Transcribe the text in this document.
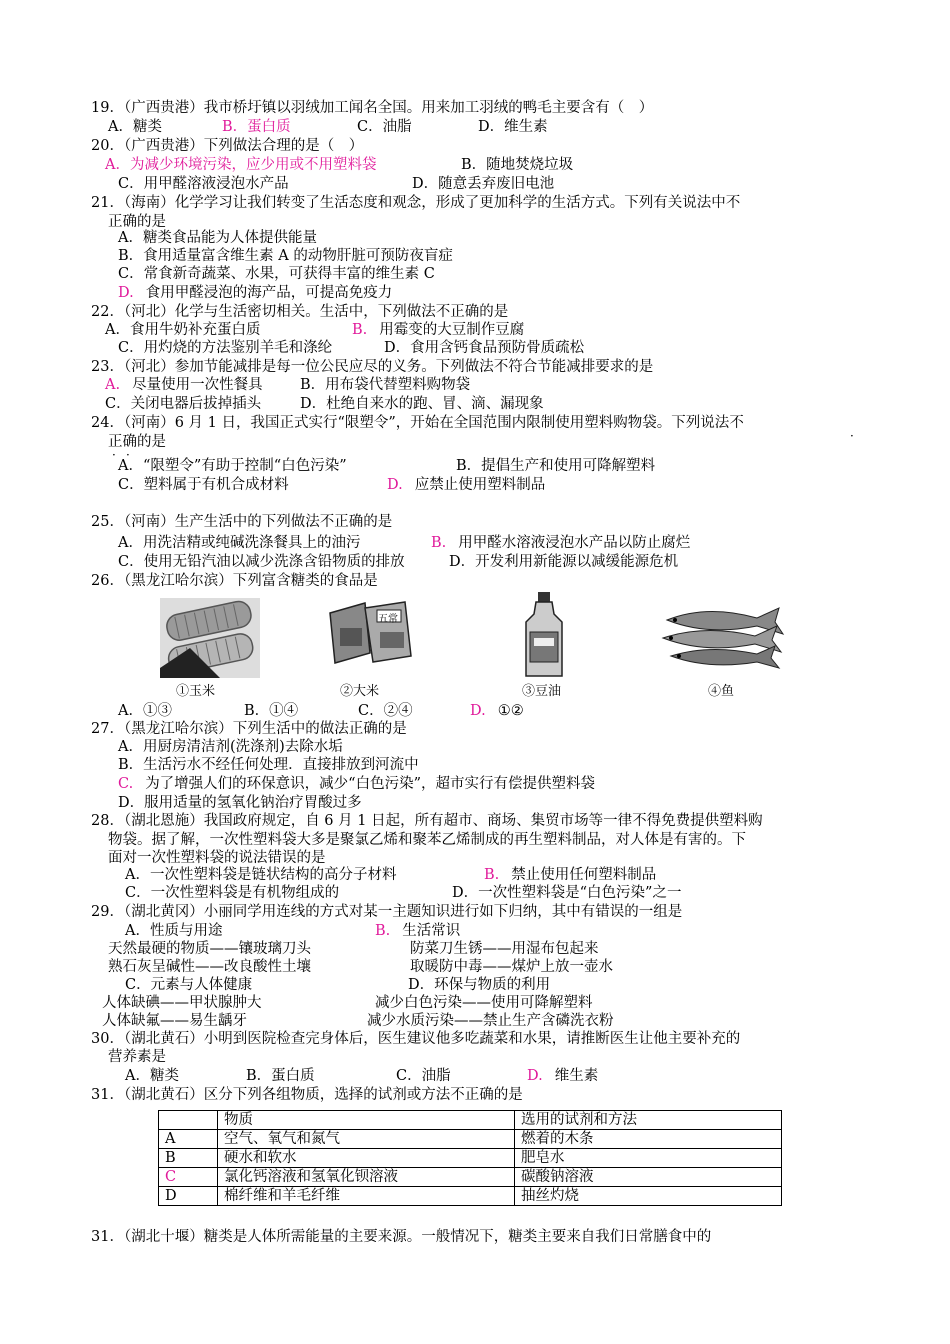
19．（广西贵港）我市桥圩镇以羽绒加工闻名全国。用来加工羽绒的鸭毛主要含有（　）
A．糖类	B．蛋白质	C．油脂	D．维生素
20．（广西贵港）下列做法合理的是（　）
A．为减少环境污染，应少用或不用塑料袋	B．随地焚烧垃圾
C．用甲醛溶液浸泡水产品	D．随意丢弃废旧电池
21．（海南）化学学习让我们转变了生活态度和观念，形成了更加科学的生活方式。下列有关说法中不
正确的是
A．糖类食品能为人体提供能量
B．食用适量富含维生素 A 的动物肝脏可预防夜盲症
C．常食新奇蔬菜、水果，可获得丰富的维生素 C
D. 食用甲醛浸泡的海产品，可提高免疫力
22．（河北）化学与生活密切相关。生活中，下列做法不正确的是
A．食用牛奶补充蛋白质	B. 用霉变的大豆制作豆腐
C．用灼烧的方法鉴别羊毛和涤纶	D．食用含钙食品预防骨质疏松
23．（河北）参加节能减排是每一位公民应尽的义务。下列做法不符合节能减排要求的是
A. 尽量使用一次性餐具	B．用布袋代替塑料购物袋
C．关闭电器后拔掉插头	D．杜绝自来水的跑、冒、滴、漏现象
24．（河南）6 月 1 日，我国正式实行“限塑令”，开始在全国范围内限制使用塑料购物袋。下列说法不
·
正确的是
· ·
A．“限塑令”有助于控制“白色污染”	B．提倡生产和使用可降解塑料
C．塑料属于有机合成材料	D. 应禁止使用塑料制品
25．（河南）生产生活中的下列做法不正确的是
A．用洗洁精或纯碱洗涤餐具上的油污	B. 用甲醛水溶液浸泡水产品以防止腐烂
C．使用无铅汽油以减少洗涤含铅物质的排放	D．开发利用新能源以减缓能源危机
26．（黑龙江哈尔滨）下列富含糖类的食品是
①玉米
五常
②大米	③豆油	④鱼
A．①③	B．①④	C．②④	D. ①②
27．（黑龙江哈尔滨）下列生活中的做法正确的是
A．用厨房清洁剂(洗涤剂)去除水垢
B．生活污水不经任何处理．直接排放到河流中
C. 为了增强人们的环保意识，减少“白色污染”，超市实行有偿提供塑料袋
D．服用适量的氢氧化钠治疗胃酸过多
28．（湖北恩施）我国政府规定，自 6 月 1 日起，所有超市、商场、集贸市场等一律不得免费提供塑料购
物袋。据了解，一次性塑料袋大多是聚氯乙烯和聚苯乙烯制成的再生塑料制品，对人体是有害的。下
面对一次性塑料袋的说法错误的是
A．一次性塑料袋是链状结构的高分子材料	B. 禁止使用任何塑料制品
C．一次性塑料袋是有机物组成的	D．一次性塑料袋是“白色污染”之一
29．（湖北黄冈）小丽同学用连线的方式对某一主题知识进行如下归纳，其中有错误的一组是
A．性质与用途	B. 生活常识
天然最硬的物质——镶玻璃刀头	防菜刀生锈——用湿布包起来
熟石灰呈碱性——改良酸性土壤	取暖防中毒——煤炉上放一壶水
C．元素与人体健康	D．环保与物质的利用
人体缺碘——甲状腺肿大	减少白色污染——使用可降解塑料
人体缺氟——易生龋牙	减少水质污染——禁止生产含磷洗衣粉
30．（湖北黄石）小明到医院检查完身体后，医生建议他多吃蔬菜和水果，请推断医生让他主要补充的
营养素是
A．糖类	B．蛋白质	C．油脂	D. 维生素
31．（湖北黄石）区分下列各组物质，选择的试剂或方法不正确的是
	物质	选用的试剂和方法
A	空气、氧气和氮气	燃着的木条
B	硬水和软水	肥皂水
C	氯化钙溶液和氢氧化钡溶液	碳酸钠溶液
D	棉纤维和羊毛纤维	抽丝灼烧
31．（湖北十堰）糖类是人体所需能量的主要来源。一般情况下，糖类主要来自我们日常膳食中的
